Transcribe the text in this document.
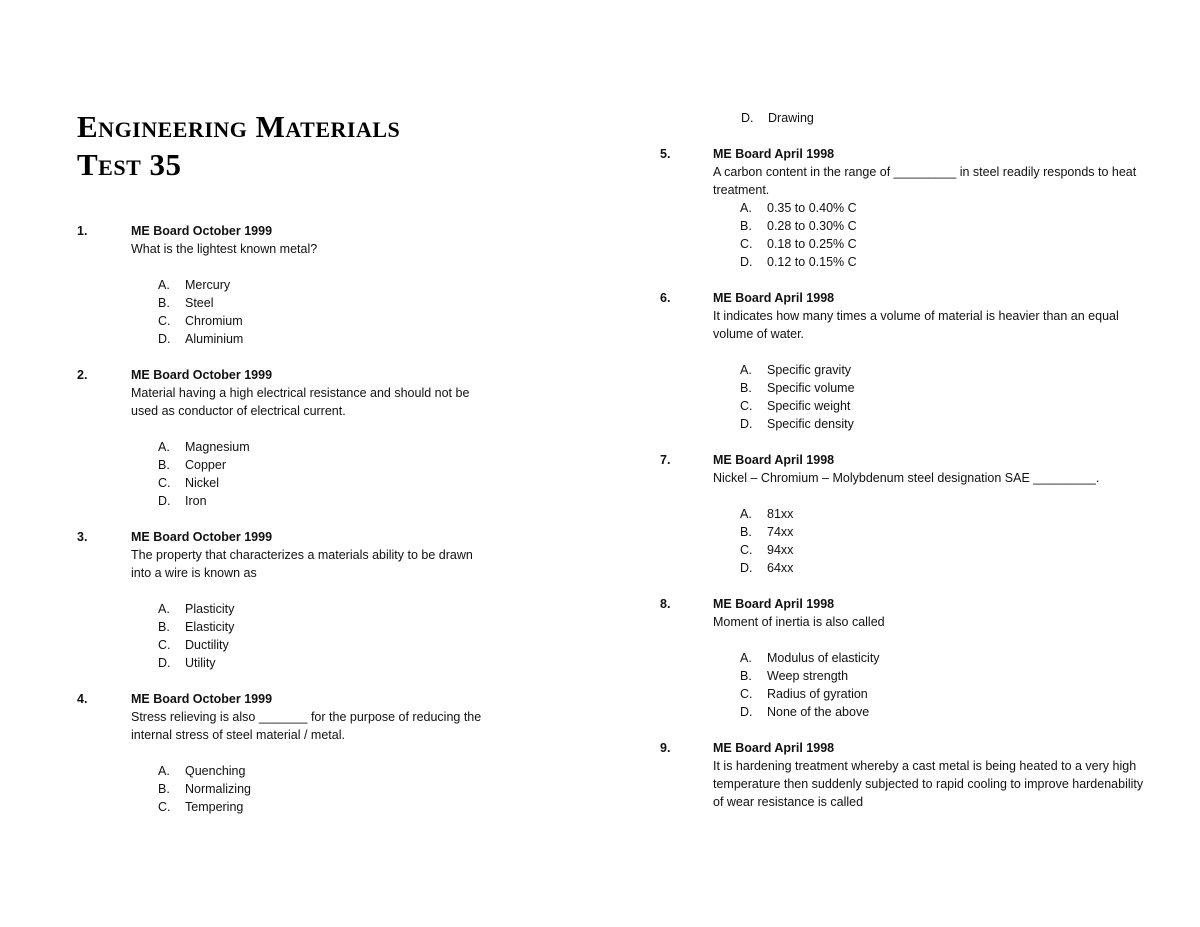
Engineering Materials
Test 35
1.	ME Board October 1999
What is the lightest known metal?
A. Mercury
B. Steel
C. Chromium
D. Aluminium
2.	ME Board October 1999
Material having a high electrical resistance and should not be
used as conductor of electrical current.
A. Magnesium
B. Copper
C. Nickel
D. Iron
3.	ME Board October 1999
The property that characterizes a materials ability to be drawn
into a wire is known as
A. Plasticity
B. Elasticity
C. Ductility
D. Utility
4.	ME Board October 1999
Stress relieving is also _______ for the purpose of reducing the
internal stress of steel material / metal.
A. Quenching
B. Normalizing
C. Tempering
D. Drawing
5.	ME Board April 1998
A carbon content in the range of _________ in steel readily responds to heat
treatment.
A. 0.35 to 0.40% C
B. 0.28 to 0.30% C
C. 0.18 to 0.25% C
D. 0.12 to 0.15% C
6.	ME Board April 1998
It indicates how many times a volume of material is heavier than an equal
volume of water.
A. Specific gravity
B. Specific volume
C. Specific weight
D. Specific density
7.	ME Board April 1998
Nickel – Chromium – Molybdenum steel designation SAE _________.
A. 81xx
B. 74xx
C. 94xx
D. 64xx
8.	ME Board April 1998
Moment of inertia is also called
A. Modulus of elasticity
B. Weep strength
C. Radius of gyration
D. None of the above
9.	ME Board April 1998
It is hardening treatment whereby a cast metal is being heated to a very high
temperature then suddenly subjected to rapid cooling to improve hardenability
of wear resistance is called
